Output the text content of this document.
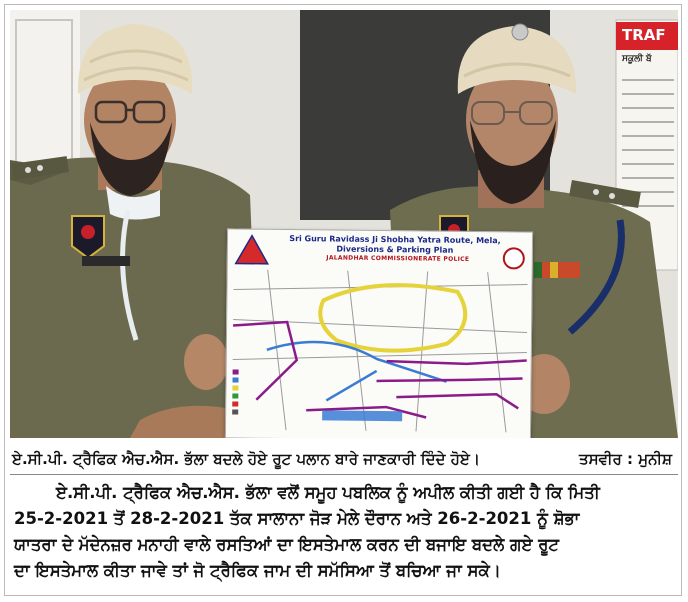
Sri Guru Ravidass Ji Shobha Yatra Route, Mela, Diversions & Parking Plan
JALANDHAR COMMISSIONERATE POLICE
TRAF
ਸਕੂਲੀ ਬੱ
ਏ.ਸੀ.ਪੀ. ਟ੍ਰੈਫਿਕ ਐਚ.ਐਸ. ਭੱਲਾ ਬਦਲੇ ਹੋਏ ਰੂਟ ਪਲਾਨ ਬਾਰੇ ਜਾਣਕਾਰੀ ਦਿੰਦੇ ਹੋਏ।	ਤਸਵੀਰ : ਮੁਨੀਸ਼
ਏ.ਸੀ.ਪੀ. ਟ੍ਰੈਫਿਕ ਐਚ.ਐਸ. ਭੱਲਾ ਵਲੋਂ ਸਮੂਹ ਪਬਲਿਕ ਨੂੰ ਅਪੀਲ ਕੀਤੀ ਗਈ ਹੈ ਕਿ ਮਿਤੀ
25-2-2021 ਤੋਂ 28-2-2021 ਤੱਕ ਸਾਲਾਨਾ ਜੋੜ ਮੇਲੇ ਦੌਰਾਨ ਅਤੇ 26-2-2021 ਨੂੰ ਸ਼ੋਭਾ
ਯਾਤਰਾ ਦੇ ਮੱਦੇਨਜ਼ਰ ਮਨਾਹੀ ਵਾਲੇ ਰਸਤਿਆਂ ਦਾ ਇਸਤੇਮਾਲ ਕਰਨ ਦੀ ਬਜਾਇ ਬਦਲੇ ਗਏ ਰੂਟ
ਦਾ ਇਸਤੇਮਾਲ ਕੀਤਾ ਜਾਵੇ ਤਾਂ ਜੋ ਟ੍ਰੈਫਿਕ ਜਾਮ ਦੀ ਸਮੱਸਿਆ ਤੋਂ ਬਚਿਆ ਜਾ ਸਕੇ।
